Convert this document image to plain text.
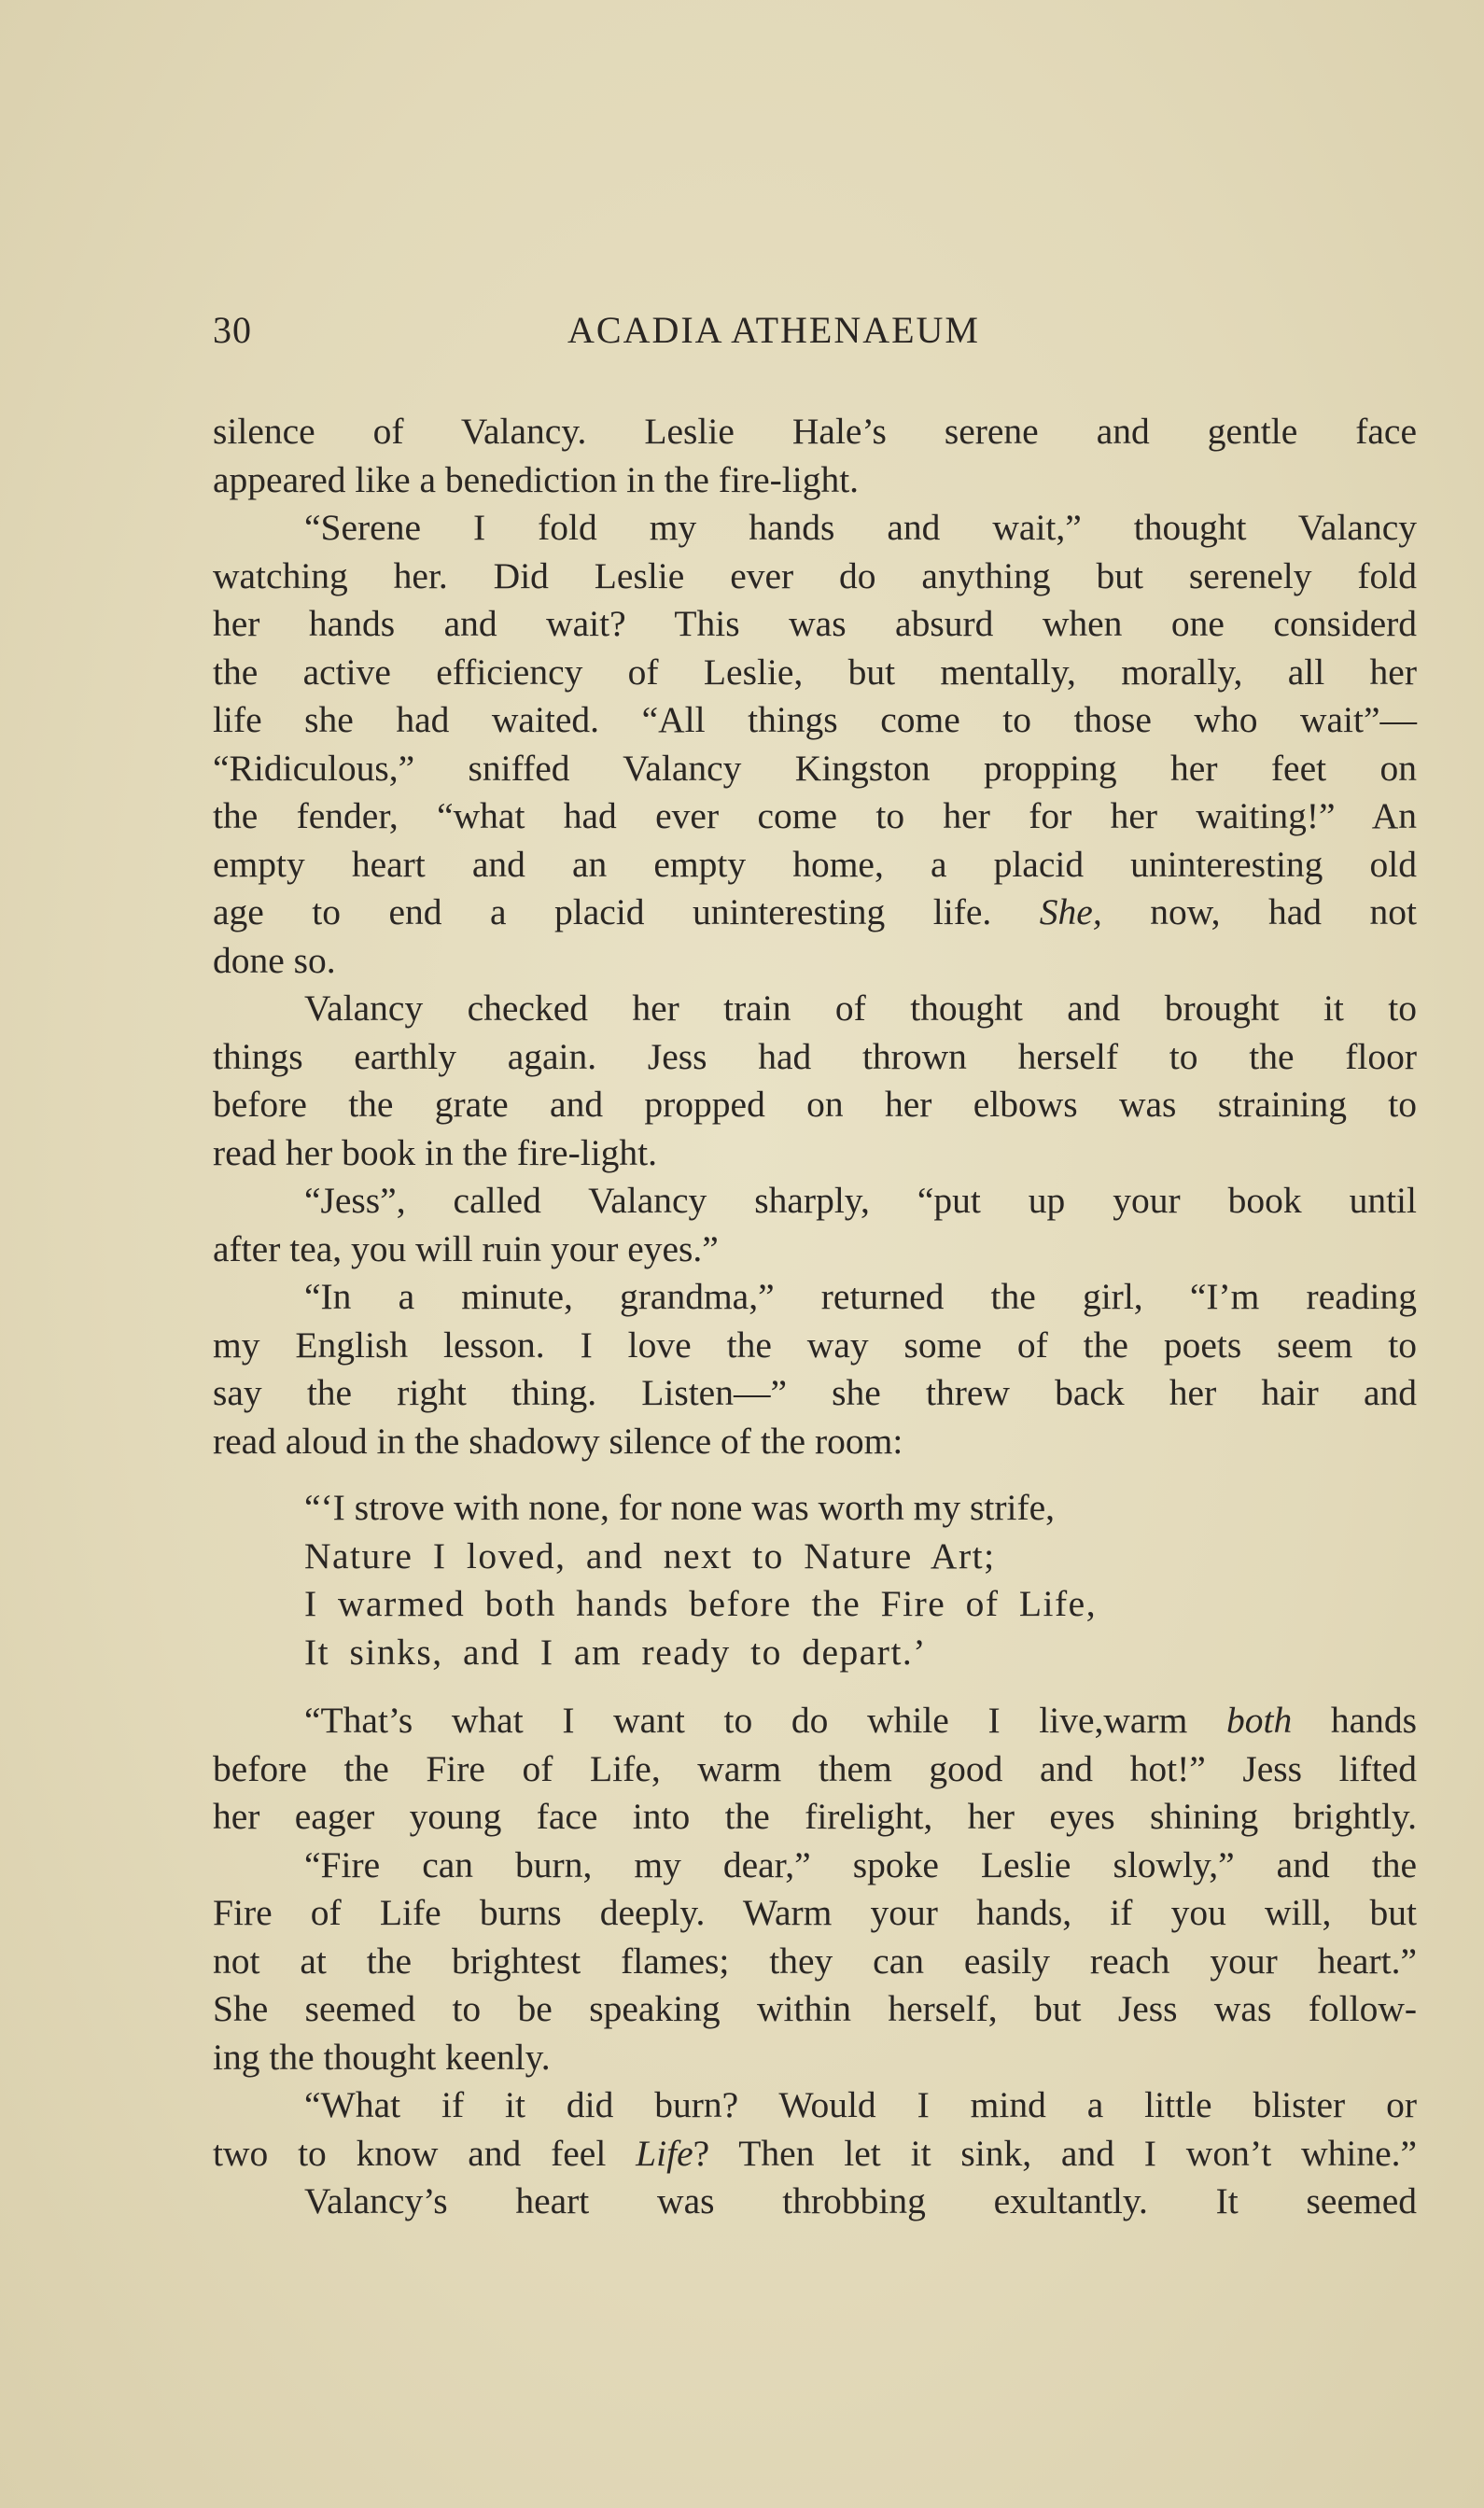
30	ACADIA ATHENAEUM
silence of Valancy. Leslie Hale’s serene and gentle face
appeared like a benediction in the fire-light.
“Serene I fold my hands and wait,” thought Valancy
watching her. Did Leslie ever do anything but serenely fold
her hands and wait? This was absurd when one considerd
the active efficiency of Leslie, but mentally, morally, all her
life she had waited. “All things come to those who wait”—
“Ridiculous,” sniffed Valancy Kingston propping her feet on
the fender, “what had ever come to her for her waiting!” An
empty heart and an empty home, a placid uninteresting old
age to end a placid uninteresting life. She, now, had not
done so.
Valancy checked her train of thought and brought it to
things earthly again. Jess had thrown herself to the floor
before the grate and propped on her elbows was straining to
read her book in the fire-light.
“Jess”, called Valancy sharply, “put up your book until
after tea, you will ruin your eyes.”
“In a minute, grandma,” returned the girl, “I’m reading
my English lesson. I love the way some of the poets seem to
say the right thing. Listen—” she threw back her hair and
read aloud in the shadowy silence of the room:
“‘I strove with none, for none was worth my strife,
Nature I loved, and next to Nature Art;
I warmed both hands before the Fire of Life,
It sinks, and I am ready to depart.’
“That’s what I want to do while I live,warm both hands
before the Fire of Life, warm them good and hot!” Jess lifted
her eager young face into the firelight, her eyes shining brightly.
“Fire can burn, my dear,” spoke Leslie slowly,” and the
Fire of Life burns deeply. Warm your hands, if you will, but
not at the brightest flames; they can easily reach your heart.”
She seemed to be speaking within herself, but Jess was follow-
ing the thought keenly.
“What if it did burn? Would I mind a little blister or
two to know and feel Life? Then let it sink, and I won’t whine.”
Valancy’s heart was throbbing exultantly. It seemed
